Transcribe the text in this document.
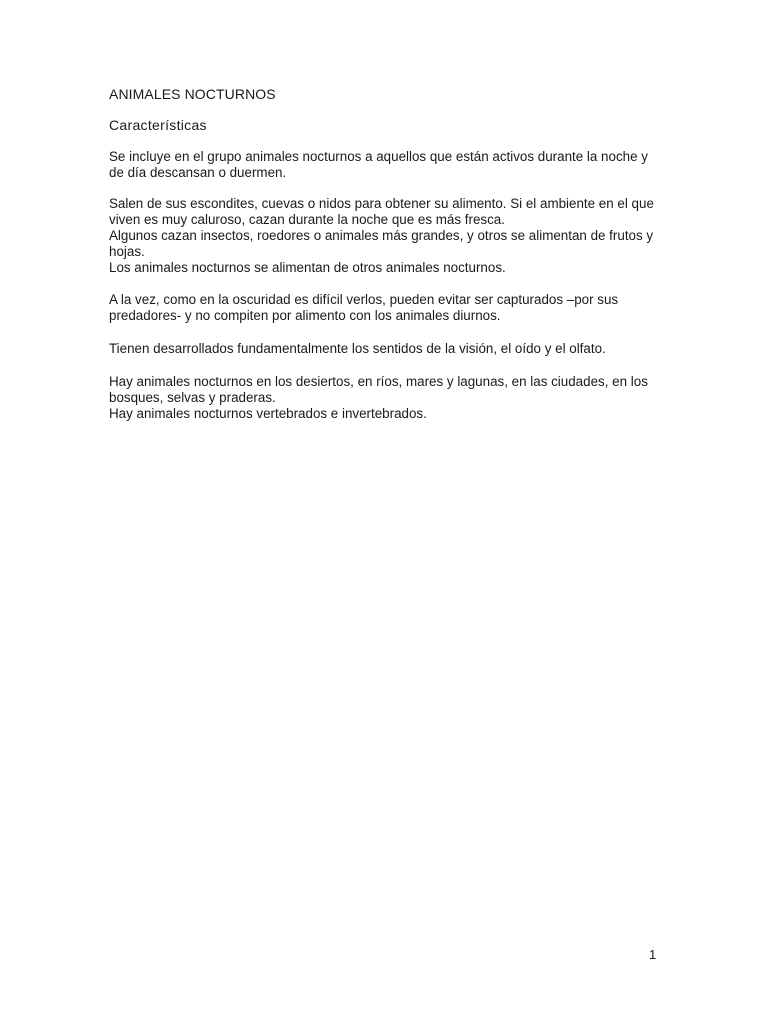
ANIMALES NOCTURNOS

Características

Se incluye en el grupo animales nocturnos a aquellos que están activos durante la noche y de día descansan o duermen.

Salen de sus escondites, cuevas o nidos para obtener su alimento. Si el ambiente en el que viven es muy caluroso, cazan durante la noche que es más fresca.

Algunos cazan insectos, roedores o animales más grandes, y otros se alimentan de frutos y hojas.

Los animales nocturnos se alimentan de otros animales nocturnos.

A la vez, como en la oscuridad es difícil verlos, pueden evitar ser capturados –por sus predadores- y no compiten por alimento con los animales diurnos.

Tienen desarrollados fundamentalmente los sentidos de la visión, el oído y el olfato.

Hay animales nocturnos en los desiertos, en ríos, mares y lagunas, en las ciudades, en los bosques, selvas y praderas.

Hay animales nocturnos vertebrados e invertebrados.

1
